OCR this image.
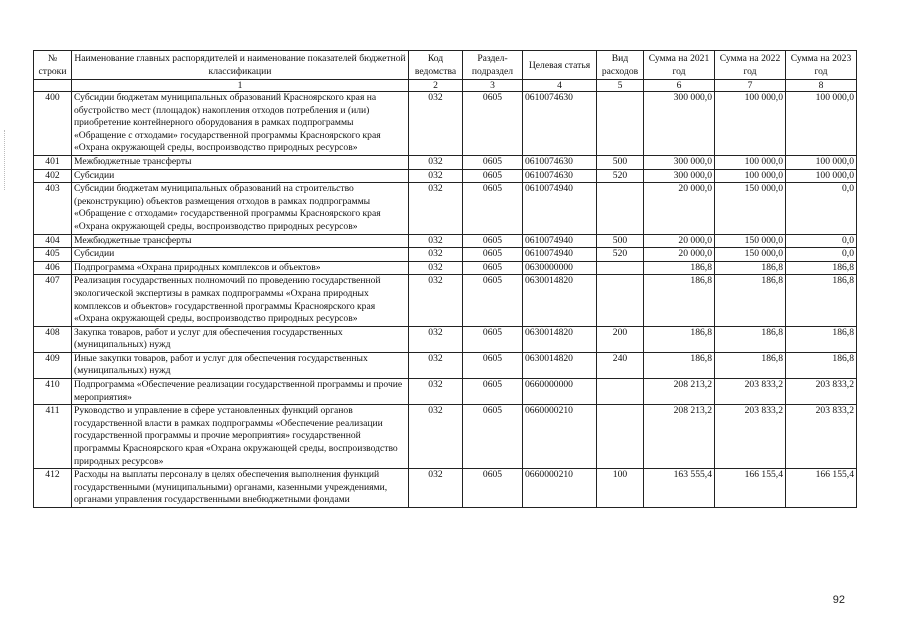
№ строки	Наименование главных распорядителей и наименование показателей бюджетной классификации	Код ведомства	Раздел-подраздел	Целевая статья	Вид расходов	Сумма на 2021 год	Сумма на 2022 год	Сумма на 2023 год
	1	2	3	4	5	6	7	8
400	Субсидии бюджетам муниципальных образований Красноярского края на обустройство мест (площадок) накопления отходов потребления и (или) приобретение контейнерного оборудования в рамках подпрограммы «Обращение с отходами» государственной программы Красноярского края «Охрана окружающей среды, воспроизводство природных ресурсов»	032	0605	0610074630		300 000,0	100 000,0	100 000,0
401	Межбюджетные трансферты	032	0605	0610074630	500	300 000,0	100 000,0	100 000,0
402	Субсидии	032	0605	0610074630	520	300 000,0	100 000,0	100 000,0
403	Субсидии бюджетам муниципальных образований на строительство (реконструкцию) объектов размещения отходов в рамках подпрограммы «Обращение с отходами» государственной программы Красноярского края «Охрана окружающей среды, воспроизводство природных ресурсов»	032	0605	0610074940		20 000,0	150 000,0	0,0
404	Межбюджетные трансферты	032	0605	0610074940	500	20 000,0	150 000,0	0,0
405	Субсидии	032	0605	0610074940	520	20 000,0	150 000,0	0,0
406	Подпрограмма «Охрана природных комплексов и объектов»	032	0605	0630000000		186,8	186,8	186,8
407	Реализация государственных полномочий по проведению государственной экологической экспертизы в рамках подпрограммы «Охрана природных комплексов и объектов» государственной программы Красноярского края «Охрана окружающей среды, воспроизводство природных ресурсов»	032	0605	0630014820		186,8	186,8	186,8
408	Закупка товаров, работ и услуг для обеспечения государственных (муниципальных) нужд	032	0605	0630014820	200	186,8	186,8	186,8
409	Иные закупки товаров, работ и услуг для обеспечения государственных (муниципальных) нужд	032	0605	0630014820	240	186,8	186,8	186,8
410	Подпрограмма «Обеспечение реализации государственной программы и прочие мероприятия»	032	0605	0660000000		208 213,2	203 833,2	203 833,2
411	Руководство и управление в сфере установленных функций органов государственной власти в рамках подпрограммы «Обеспечение реализации государственной программы и прочие мероприятия» государственной программы Красноярского края «Охрана окружающей среды, воспроизводство природных ресурсов»	032	0605	0660000210		208 213,2	203 833,2	203 833,2
412	Расходы на выплаты персоналу в целях обеспечения выполнения функций государственными (муниципальными) органами, казенными учреждениями, органами управления государственными внебюджетными фондами	032	0605	0660000210	100	163 555,4	166 155,4	166 155,4
92
